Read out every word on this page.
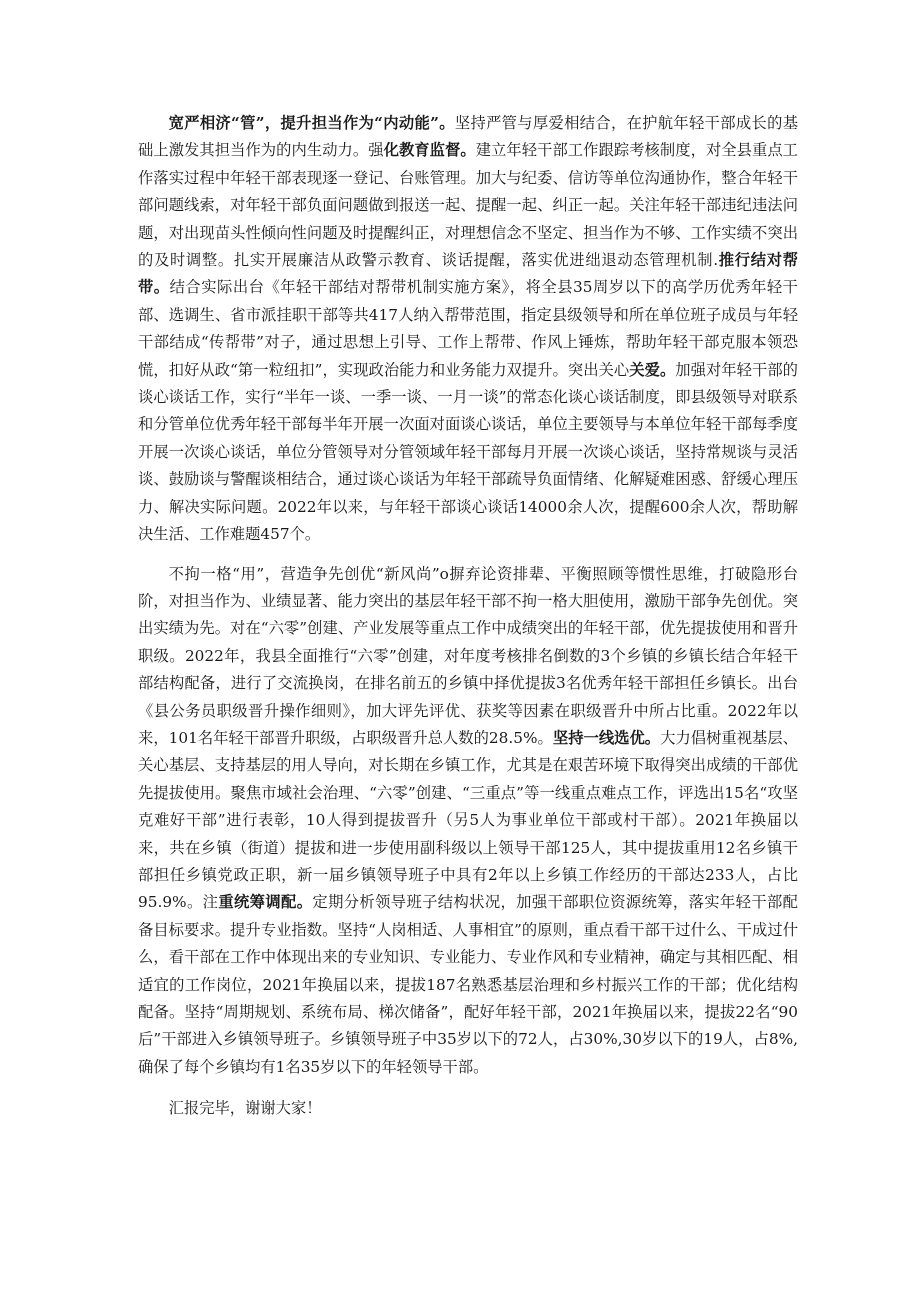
宽严相济“管”，提升担当作为“内动能”。坚持严管与厚爱相结合，在护航年轻干部成长的基础上激发其担当作为的内生动力。强化教育监督。建立年轻干部工作跟踪考核制度，对全县重点工作落实过程中年轻干部表现逐一登记、台账管理。加大与纪委、信访等单位沟通协作，整合年轻干部问题线索，对年轻干部负面问题做到报送一起、提醒一起、纠正一起。关注年轻干部违纪违法问题，对出现苗头性倾向性问题及时提醒纠正，对理想信念不坚定、担当作为不够、工作实绩不突出的及时调整。扎实开展廉洁从政警示教育、谈话提醒，落实优进绌退动态管理机制.推行结对帮带。结合实际出台《年轻干部结对帮带机制实施方案》，将全县35周岁以下的高学历优秀年轻干部、选调生、省市派挂职干部等共417人纳入帮带范围，指定县级领导和所在单位班子成员与年轻干部结成“传帮带”对子，通过思想上引导、工作上帮带、作风上锤炼，帮助年轻干部克服本领恐慌，扣好从政“第一粒纽扣”，实现政治能力和业务能力双提升。突出关心关爱。加强对年轻干部的谈心谈话工作，实行“半年一谈、一季一谈、一月一谈”的常态化谈心谈话制度，即县级领导对联系和分管单位优秀年轻干部每半年开展一次面对面谈心谈话，单位主要领导与本单位年轻干部每季度开展一次谈心谈话，单位分管领导对分管领域年轻干部每月开展一次谈心谈话，坚持常规谈与灵活谈、鼓励谈与警醒谈相结合，通过谈心谈话为年轻干部疏导负面情绪、化解疑难困惑、舒缓心理压力、解决实际问题。2022年以来，与年轻干部谈心谈话14000余人次，提醒600余人次，帮助解决生活、工作难题457个。

不拘一格“用”，营造争先创优“新风尚”o摒弃论资排辈、平衡照顾等惯性思维，打破隐形台阶，对担当作为、业绩显著、能力突出的基层年轻干部不拘一格大胆使用，激励干部争先创优。突出实绩为先。对在“六零”创建、产业发展等重点工作中成绩突出的年轻干部，优先提拔使用和晋升职级。2022年，我县全面推行“六零”创建，对年度考核排名倒数的3个乡镇的乡镇长结合年轻干部结构配备，进行了交流换岗，在排名前五的乡镇中择优提拔3名优秀年轻干部担任乡镇长。出台《县公务员职级晋升操作细则》，加大评先评优、获奖等因素在职级晋升中所占比重。2022年以来，101名年轻干部晋升职级，占职级晋升总人数的28.5%。坚持一线选优。大力倡树重视基层、关心基层、支持基层的用人导向，对长期在乡镇工作，尤其是在艰苦环境下取得突出成绩的干部优先提拔使用。聚焦市域社会治理、“六零”创建、“三重点”等一线重点难点工作，评选出15名“攻坚克难好干部”进行表彰，10人得到提拔晋升（另5人为事业单位干部或村干部）。2021年换届以来，共在乡镇（街道）提拔和进一步使用副科级以上领导干部125人，其中提拔重用12名乡镇干部担任乡镇党政正职，新一届乡镇领导班子中具有2年以上乡镇工作经历的干部达233人，占比95.9%。注重统筹调配。定期分析领导班子结构状况，加强干部职位资源统筹，落实年轻干部配备目标要求。提升专业指数。坚持“人岗相适、人事相宜”的原则，重点看干部干过什么、干成过什么，看干部在工作中体现出来的专业知识、专业能力、专业作风和专业精神，确定与其相匹配、相适宜的工作岗位，2021年换届以来，提拔187名熟悉基层治理和乡村振兴工作的干部；优化结构配备。坚持“周期规划、系统布局、梯次储备”，配好年轻干部，2021年换届以来，提拔22名“90后”干部进入乡镇领导班子。乡镇领导班子中35岁以下的72人，占30%,30岁以下的19人，占8%,确保了每个乡镇均有1名35岁以下的年轻领导干部。

汇报完毕，谢谢大家！
